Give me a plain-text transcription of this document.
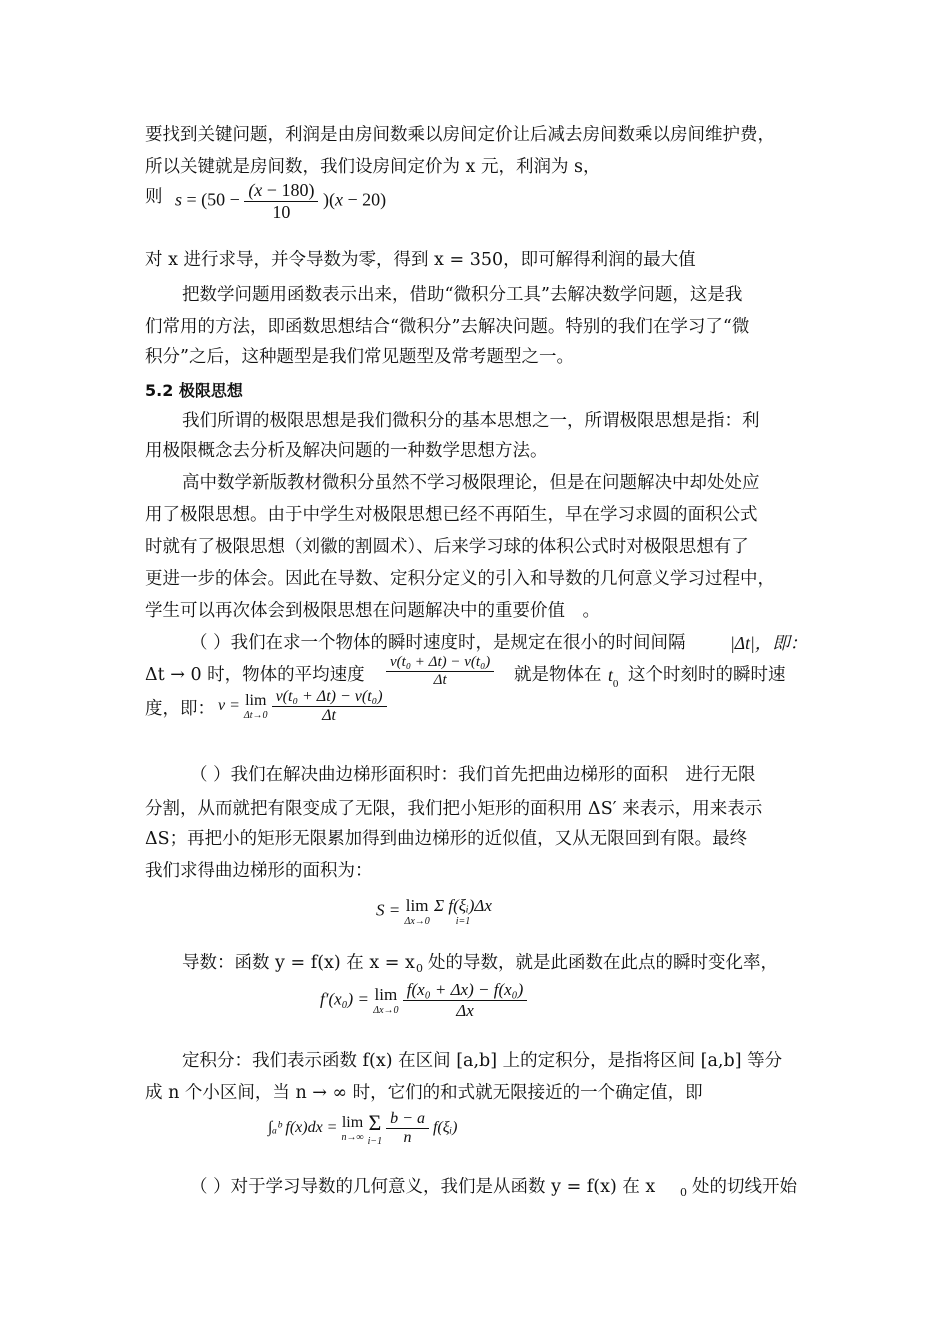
要找到关键问题，利润是由房间数乘以房间定价让后减去房间数乘以房间维护费，
所以关键就是房间数，我们设房间定价为 x 元，利润为 s，
则 $s = (50 - \frac{(x - 180)}{10} )(x - 20)$
对 x 进行求导，并令导数为零，得到 x = 350，即可解得利润的最大值
把数学问题用函数表示出来，借助“微积分工具”去解决数学问题，这是我
们常用的方法，即函数思想结合“微积分”去解决问题。特别的我们在学习了“微
积分”之后，这种题型是我们常见题型及常考题型之一。
5.2 极限思想
我们所谓的极限思想是我们微积分的基本思想之一，所谓极限思想是指：利
用极限概念去分析及解决问题的一种数学思想方法。
高中数学新版教材微积分虽然不学习极限理论，但是在问题解决中却处处应
用了极限思想。由于中学生对极限思想已经不再陌生，早在学习求圆的面积公式
时就有了极限思想（刘徽的割圆术）、后来学习球的体积公式时对极限思想有了
更进一步的体会。因此在导数、定积分定义的引入和导数的几何意义学习过程中，
学生可以再次体会到极限思想在问题解决中的重要价值　。
（ ）我们在求一个物体的瞬时速度时，是规定在很小的时间间隔	|Δt|，即：
Δt → 0 时，物体的平均速度 $\frac{\text{v(t₀ + Δt) − v(t₀)}}{\Delta t}$ 就是物体在 $t_0$ 这个时刻时的瞬时速
度，即： v = lim
Δt→0
$\frac{\text{v(t₀ + Δt) − v(t₀)}}{\Delta t}$
（ ）我们在解决曲边梯形面积时：我们首先把曲边梯形的面积　进行无限
分割，从而就把有限变成了无限，我们把小矩形的面积用 ΔS′ 来表示，用来表示
ΔS；再把小的矩形无限累加得到曲边梯形的近似值，又从无限回到有限。最终
我们求得曲边梯形的面积为：
S = lim
Δx→0
Σ f(ξᵢ)Δx
i=1
导数：函数 y = f(x) 在 x = x 0 处的导数，就是此函数在此点的瞬时变化率，
f′(x₀) = lim
Δx→0
$\frac{\text{f(x₀ + Δx) − f(x₀)}}{\Delta x}$
定积分：我们表示函数 f(x) 在区间 [a,b] 上的定积分，是指将区间 [a,b] 等分
成 n 个小区间，当 n → ∞ 时，它们的和式就无限接近的一个确定值，即
∫ₐᵇ f(x)dx = lim
n→∞
Σ
i−1
$\frac{b - a}{n}$ f(ξᵢ)
（ ）对于学习导数的几何意义，我们是从函数 y = f(x) 在 x 0 处的切线开始
